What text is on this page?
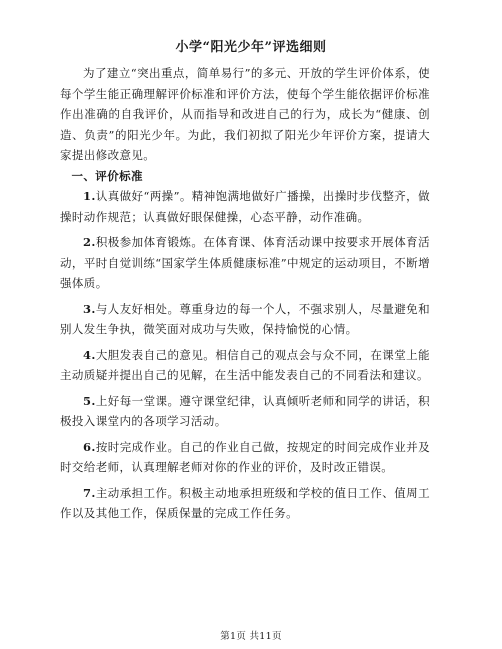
小学“阳光少年”评选细则

为了建立“突出重点，简单易行”的多元、开放的学生评价体系，使每个学生能正确理解评价标准和评价方法，使每个学生能依据评价标准作出准确的自我评价，从而指导和改进自己的行为，成长为“健康、创造、负责”的阳光少年。为此，我们初拟了阳光少年评价方案，提请大家提出修改意见。

一、评价标准

1.认真做好“两操”。精神饱满地做好广播操，出操时步伐整齐，做操时动作规范；认真做好眼保健操，心态平静，动作准确。

2.积极参加体育锻炼。在体育课、体育活动课中按要求开展体育活动，平时自觉训练“国家学生体质健康标准”中规定的运动项目，不断增强体质。

3.与人友好相处。尊重身边的每一个人，不强求别人，尽量避免和别人发生争执，微笑面对成功与失败，保持愉悦的心情。

4.大胆发表自己的意见。相信自己的观点会与众不同，在课堂上能主动质疑并提出自己的见解，在生活中能发表自己的不同看法和建议。

5.上好每一堂课。遵守课堂纪律，认真倾听老师和同学的讲话，积极投入课堂内的各项学习活动。

6.按时完成作业。自己的作业自己做，按规定的时间完成作业并及时交给老师，认真理解老师对你的作业的评价，及时改正错误。

7.主动承担工作。积极主动地承担班级和学校的值日工作、值周工作以及其他工作，保质保量的完成工作任务。

第1页 共11页
